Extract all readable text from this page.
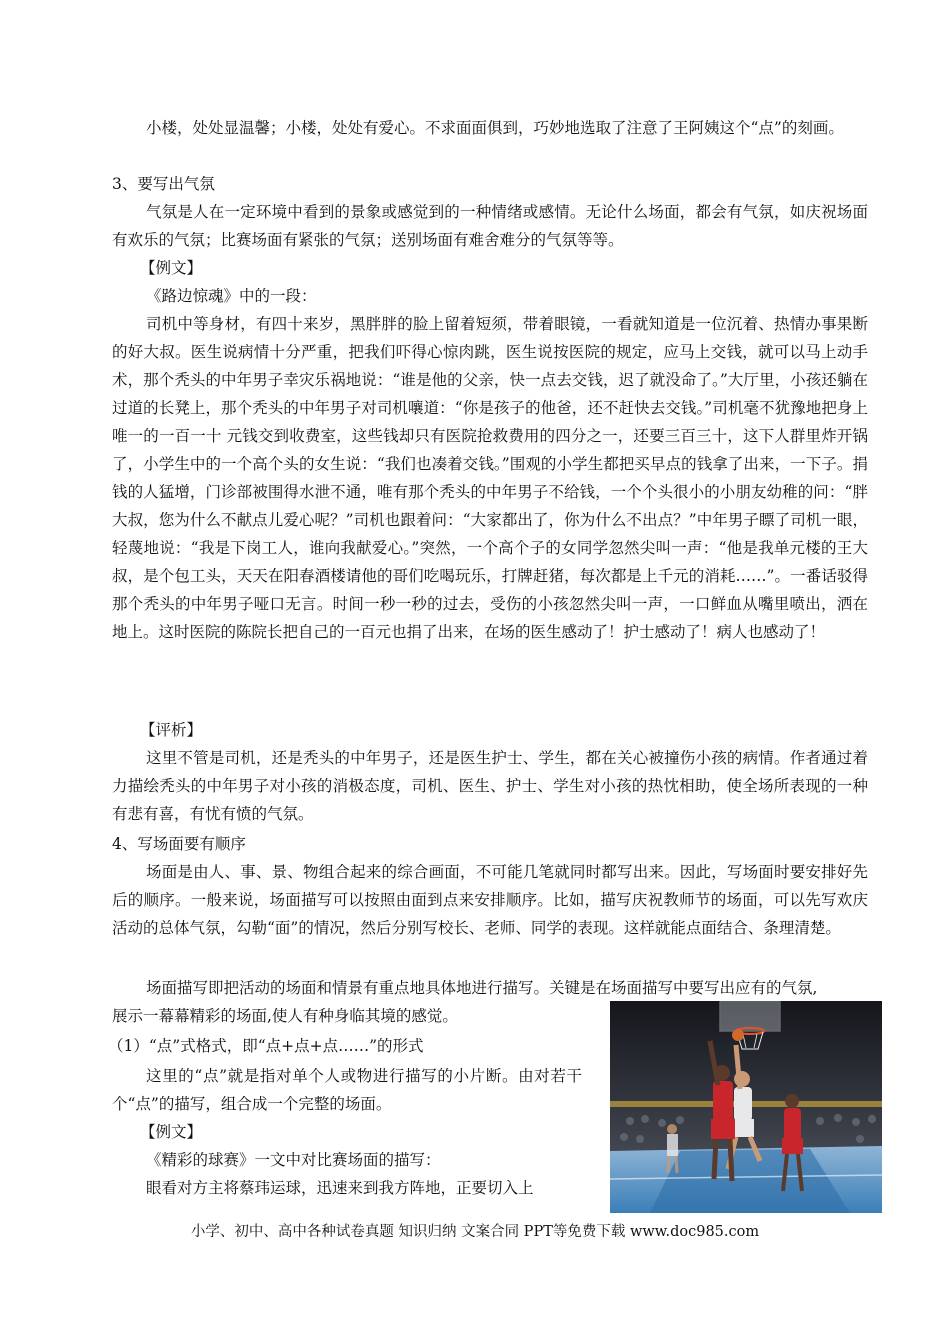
小楼，处处显温馨；小楼，处处有爱心。不求面面俱到，巧妙地选取了注意了王阿姨这个“点”的刻画。

3、要写出气氛

气氛是人在一定环境中看到的景象或感觉到的一种情绪或感情。无论什么场面，都会有气氛，如庆祝场面有欢乐的气氛；比赛场面有紧张的气氛；送别场面有难舍难分的气氛等等。

【例文】

《路边惊魂》中的一段：

司机中等身材，有四十来岁，黑胖胖的脸上留着短须，带着眼镜，一看就知道是一位沉着、热情办事果断的好大叔。医生说病情十分严重，把我们吓得心惊肉跳，医生说按医院的规定，应马上交钱，就可以马上动手术，那个秃头的中年男子幸灾乐祸地说：“谁是他的父亲，快一点去交钱，迟了就没命了。”大厅里，小孩还躺在过道的长凳上，那个秃头的中年男子对司机嚷道：“你是孩子的他爸，还不赶快去交钱。”司机毫不犹豫地把身上唯一的一百一十 元钱交到收费室，这些钱却只有医院抢救费用的四分之一，还要三百三十，这下人群里炸开锅了，小学生中的一个高个头的女生说：“我们也凑着交钱。”围观的小学生都把买早点的钱拿了出来，一下子。捐钱的人猛增，门诊部被围得水泄不通，唯有那个秃头的中年男子不给钱，一个个头很小的小朋友幼稚的问：“胖大叔，您为什么不献点儿爱心呢？”司机也跟着问：“大家都出了，你为什么不出点？”中年男子瞟了司机一眼，轻蔑地说：“我是下岗工人，谁向我献爱心。”突然，一个高个子的女同学忽然尖叫一声：“他是我单元楼的王大叔，是个包工头，天天在阳春酒楼请他的哥们吃喝玩乐，打牌赶猪，每次都是上千元的消耗……”。一番话驳得那个秃头的中年男子哑口无言。时间一秒一秒的过去，受伤的小孩忽然尖叫一声，一口鲜血从嘴里喷出，洒在地上。这时医院的陈院长把自己的一百元也捐了出来，在场的医生感动了！护士感动了！病人也感动了！

【评析】

这里不管是司机，还是秃头的中年男子，还是医生护士、学生，都在关心被撞伤小孩的病情。作者通过着力描绘秃头的中年男子对小孩的消极态度，司机、医生、护士、学生对小孩的热忱相助，使全场所表现的一种有悲有喜，有忧有愤的气氛。

4、写场面要有顺序

场面是由人、事、景、物组合起来的综合画面，不可能几笔就同时都写出来。因此，写场面时要安排好先后的顺序。一般来说，场面描写可以按照由面到点来安排顺序。比如，描写庆祝教师节的场面，可以先写欢庆活动的总体气氛，勾勒“面”的情况，然后分别写校长、老师、同学的表现。这样就能点面结合、条理清楚。

场面描写即把活动的场面和情景有重点地具体地进行描写。关键是在场面描写中要写出应有的气氛,

展示一幕幕精彩的场面,使人有种身临其境的感觉。

（1）“点”式格式，即“点+点+点……”的形式

这里的“点”就是指对单个人或物进行描写的小片断。由对若干个“点”的描写，组合成一个完整的场面。

【例文】

《精彩的球赛》一文中对比赛场面的描写：

眼看对方主将蔡玮运球，迅速来到我方阵地，正要切入上

小学、初中、高中各种试卷真题 知识归纳 文案合同 PPT等免费下载 www.doc985.com
